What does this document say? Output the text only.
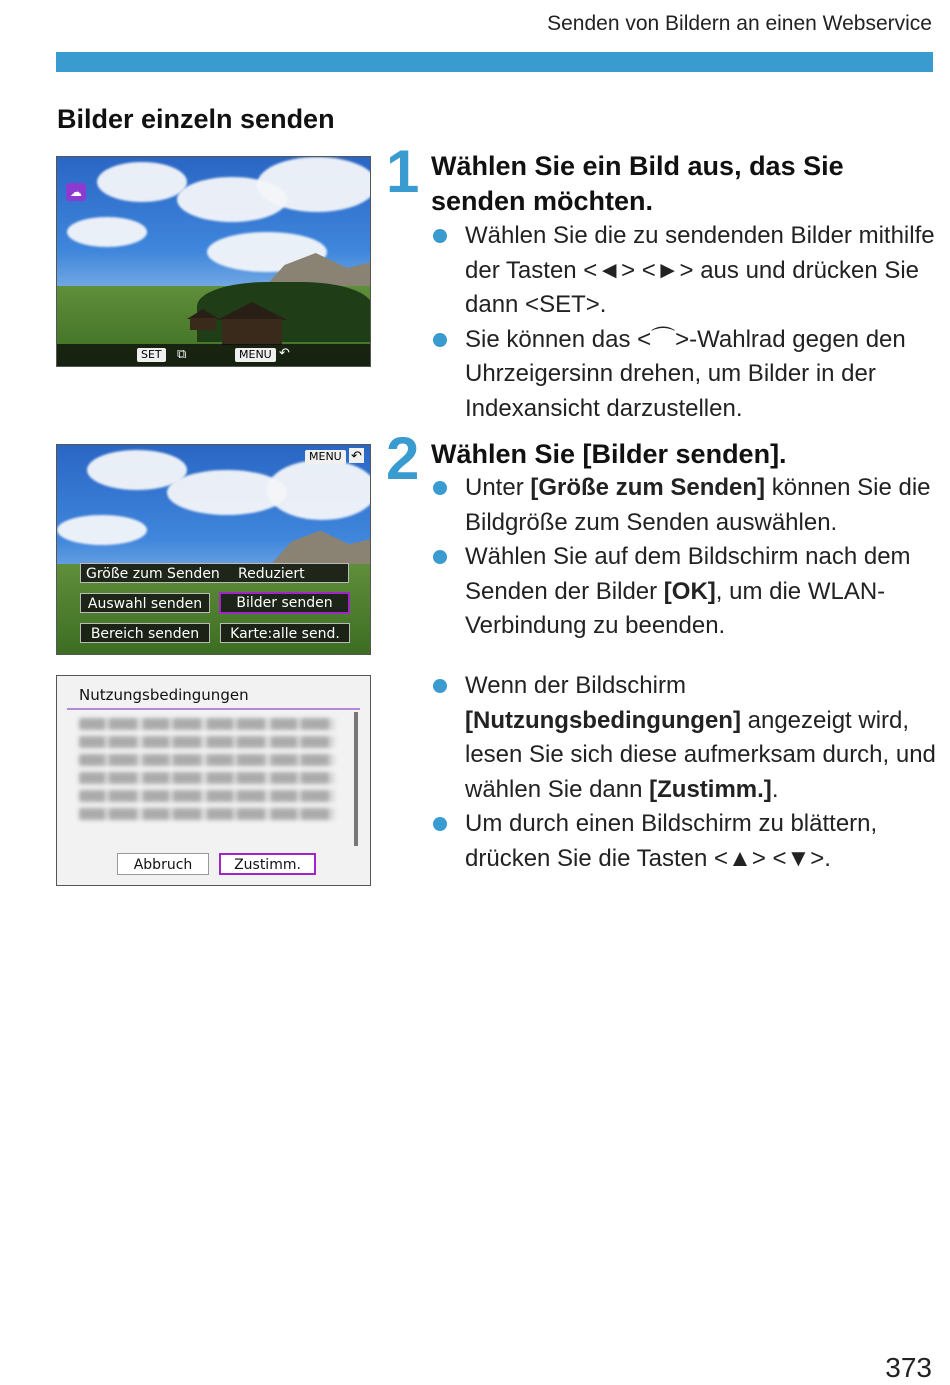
Senden von Bildern an einen Webservice
Bilder einzeln senden
☁
SET	⧉	MENU ↶
MENU ↶
Größe zum Senden Reduziert
Auswahl senden	Bilder senden
Bereich senden	Karte:alle send.
Nutzungsbedingungen
Abbruch	Zustimm.
1 Wählen Sie ein Bild aus, das Sie senden möchten.
Wählen Sie die zu sendenden Bilder mithilfe der Tasten <◄> <►> aus und drücken Sie dann <SET>.
Sie können das <⌒>-Wahlrad gegen den Uhrzeigersinn drehen, um Bilder in der Indexansicht darzustellen.
2 Wählen Sie [Bilder senden].
Unter [Größe zum Senden] können Sie die Bildgröße zum Senden auswählen.
Wählen Sie auf dem Bildschirm nach dem Senden der Bilder [OK], um die WLAN-Verbindung zu beenden.
Wenn der Bildschirm [Nutzungsbedingungen] angezeigt wird, lesen Sie sich diese aufmerksam durch, und wählen Sie dann [Zustimm.].
Um durch einen Bildschirm zu blättern, drücken Sie die Tasten <▲> <▼>.
373
